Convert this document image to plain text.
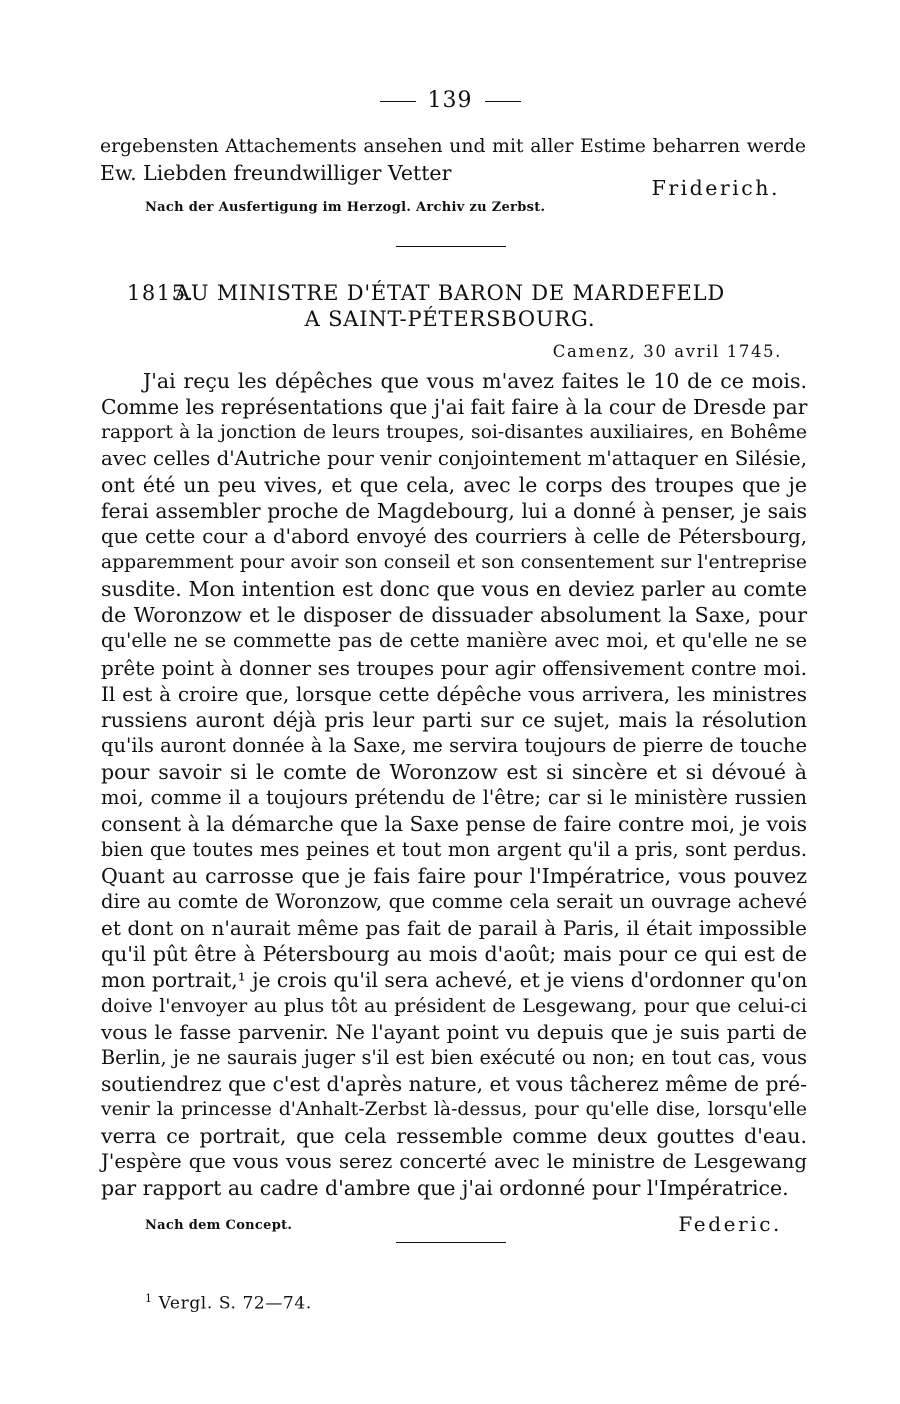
139
ergebensten Attachements ansehen und mit aller Estime beharren werde
Ew. Liebden freundwilliger Vetter
Friderich.
Nach der Ausfertigung im Herzogl. Archiv zu Zerbst.
1815.
AU MINISTRE D'ÉTAT BARON DE MARDEFELD
A SAINT-PÉTERSBOURG.
Camenz, 30 avril 1745.
J'ai reçu les dépêches que vous m'avez faites le 10 de ce mois.
Comme les représentations que j'ai fait faire à la cour de Dresde par
rapport à la jonction de leurs troupes, soi-disantes auxiliaires, en Bohême
avec celles d'Autriche pour venir conjointement m'attaquer en Silésie,
ont été un peu vives, et que cela, avec le corps des troupes que je
ferai assembler proche de Magdebourg, lui a donné à penser, je sais
que cette cour a d'abord envoyé des courriers à celle de Pétersbourg,
apparemment pour avoir son conseil et son consentement sur l'entreprise
susdite. Mon intention est donc que vous en deviez parler au comte
de Woronzow et le disposer de dissuader absolument la Saxe, pour
qu'elle ne se commette pas de cette manière avec moi, et qu'elle ne se
prête point à donner ses troupes pour agir offensivement contre moi.
Il est à croire que, lorsque cette dépêche vous arrivera, les ministres
russiens auront déjà pris leur parti sur ce sujet, mais la résolution
qu'ils auront donnée à la Saxe, me servira toujours de pierre de touche
pour savoir si le comte de Woronzow est si sincère et si dévoué à
moi, comme il a toujours prétendu de l'être; car si le ministère russien
consent à la démarche que la Saxe pense de faire contre moi, je vois
bien que toutes mes peines et tout mon argent qu'il a pris, sont perdus.
Quant au carrosse que je fais faire pour l'Impératrice, vous pouvez
dire au comte de Woronzow, que comme cela serait un ouvrage achevé
et dont on n'aurait même pas fait de parail à Paris, il était impossible
qu'il pût être à Pétersbourg au mois d'août; mais pour ce qui est de
mon portrait,¹ je crois qu'il sera achevé, et je viens d'ordonner qu'on
doive l'envoyer au plus tôt au président de Lesgewang, pour que celui-ci
vous le fasse parvenir. Ne l'ayant point vu depuis que je suis parti de
Berlin, je ne saurais juger s'il est bien exécuté ou non; en tout cas, vous
soutiendrez que c'est d'après nature, et vous tâcherez même de pré-
venir la princesse d'Anhalt-Zerbst là-dessus, pour qu'elle dise, lorsqu'elle
verra ce portrait, que cela ressemble comme deux gouttes d'eau.
J'espère que vous vous serez concerté avec le ministre de Lesgewang
par rapport au cadre d'ambre que j'ai ordonné pour l'Impératrice.
Nach dem Concept.	Federic.
$^1$ Vergl. S. 72—74.
